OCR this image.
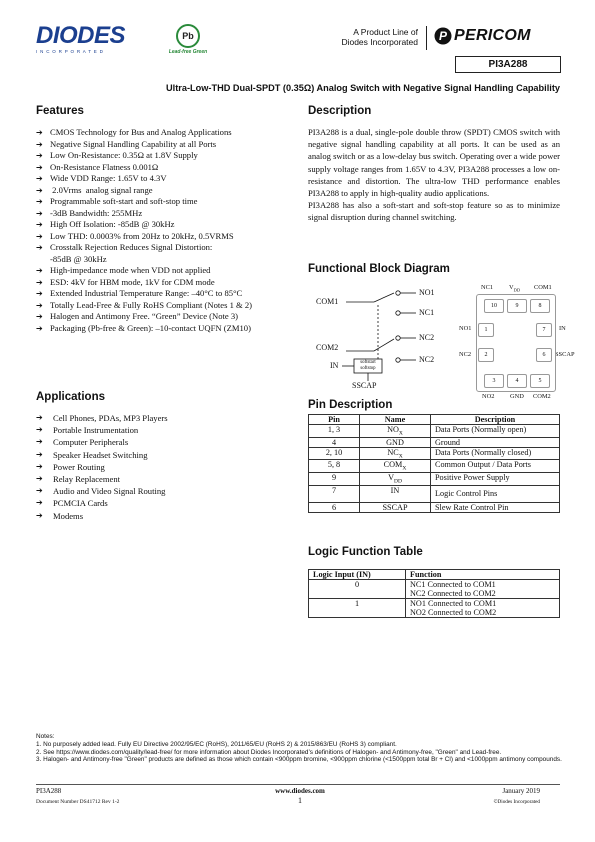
DIODES
I N C O R P O R A T E D
Pb
Lead-free Green
A Product Line of
Diodes Incorporated P PERICOM
PI3A288
Ultra-Low-THD Dual-SPDT (0.35Ω) Analog Switch with Negative Signal Handling Capability
Features
➔ CMOS Technology for Bus and Analog Applications
➔ Negative Signal Handling Capability at all Ports
➔ Low On-Resistance: 0.35Ω at 1.8V Supply
➔ On-Resistance Flatness 0.001Ω
➔ Wide VDD Range: 1.65V to 4.3V
➔  2.0Vrms  analog signal range
➔ Programmable soft-start and soft-stop time
➔ -3dB Bandwidth: 255MHz
➔ High Off Isolation: -85dB @ 30kHz
➔ Low THD: 0.0003% from 20Hz to 20kHz, 0.5VRMS
➔ Crosstalk Rejection Reduces Signal Distortion:
-85dB @ 30kHz
➔ High-impedance mode when VDD not applied
➔ ESD: 4kV for HBM mode, 1kV for CDM mode
➔ Extended Industrial Temperature Range: –40°C to 85°C
➔ Totally Lead-Free & Fully RoHS Compliant (Notes 1 & 2)
➔ Halogen and Antimony Free. “Green” Device (Note 3)
➔ Packaging (Pb-free & Green): –10-contact UQFN (ZM10)
Applications
➔ Cell Phones, PDAs, MP3 Players
➔ Portable Instrumentation
➔ Computer Peripherals
➔ Speaker Headset Switching
➔ Power Routing
➔ Relay Replacement
➔ Audio and Video Signal Routing
➔ PCMCIA Cards
➔ Modems
Description

PI3A288 is a dual, single-pole double throw (SPDT) CMOS switch with negative signal handling capability at all ports. It can be used as an analog switch or as a low-delay bus switch. Operating over a wide power supply voltage ranges from 1.65V to 4.3V, PI3A288 processes a low on-resistance and distortion. The ultra-low THD performance enables PI3A288 to apply in high-quality audio applications.

PI3A288 has also a soft-start and soft-stop feature so as to minimize signal disruption during channel switching.

Functional Block Diagram
COM1
COM2
IN
SSCAP
NO1
NC1
NC2
NC2
softstart
softstop
NC1 $V_{DD}$ COM1
NO1
NC2
IN
SSCAP
NO2 GND COM2
10	9	8
1	7
2	6
3	4	5
Pin Description
Pin	Name	Description
1, 3	$NO_X$	Data Ports (Normally open)
4	GND	Ground
2, 10	$NC_X$	Data Ports (Normally closed)
5, 8	$COM_X$	Common Output / Data Ports
9	$V_{DD}$	Positive Power Supply
7	IN	Logic Control Pins
6	SSCAP	Slew Rate Control Pin
Logic Function Table
Logic Input (IN)	Function
0	NC1 Connected to COM1
NC2 Connected to COM2

1	NO1 Connected to COM1
NO2 Connected to COM2
Notes:
1. No purposely added lead. Fully EU Directive 2002/95/EC (RoHS), 2011/65/EU (RoHS 2) & 2015/863/EU (RoHS 3) compliant.
2. See https://www.diodes.com/quality/lead-free/ for more information about Diodes Incorporated’s definitions of Halogen- and Antimony-free, "Green" and Lead-free.
3. Halogen- and Antimony-free "Green" products are defined as those which contain <900ppm bromine, <900ppm chlorine (<1500ppm total Br + Cl) and <1000ppm antimony compounds.
PI3A288
Document Number DS41712 Rev 1-2
www.diodes.com
1
January 2019
©Diodes Incorporated
